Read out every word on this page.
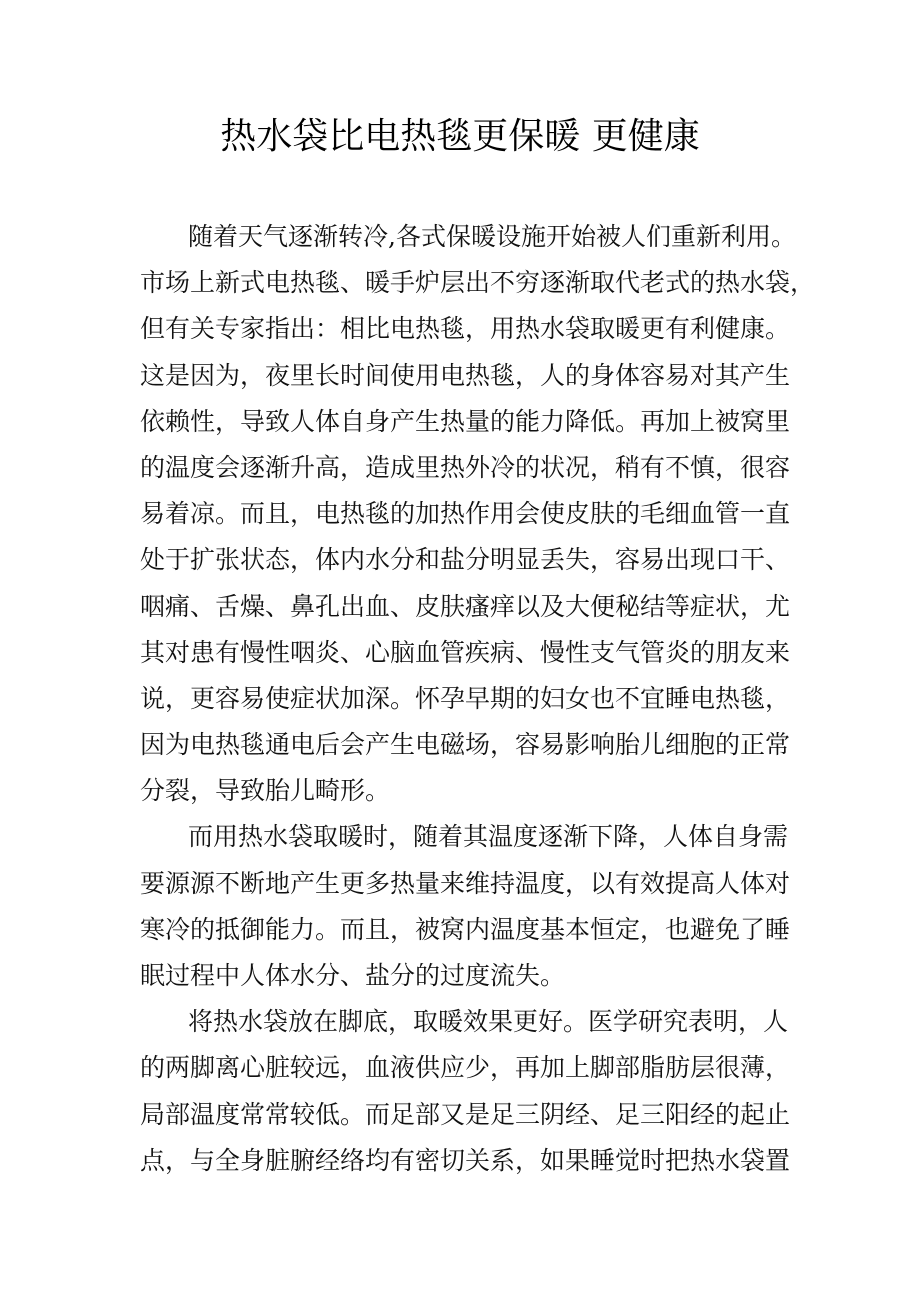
热水袋比电热毯更保暖 更健康
随着天气逐渐转冷,各式保暖设施开始被人们重新利用。
市场上新式电热毯、暖手炉层出不穷逐渐取代老式的热水袋，
但有关专家指出：相比电热毯，用热水袋取暖更有利健康。
这是因为，夜里长时间使用电热毯，人的身体容易对其产生
依赖性，导致人体自身产生热量的能力降低。再加上被窝里
的温度会逐渐升高，造成里热外冷的状况，稍有不慎，很容
易着凉。而且，电热毯的加热作用会使皮肤的毛细血管一直
处于扩张状态，体内水分和盐分明显丢失，容易出现口干、
咽痛、舌燥、鼻孔出血、皮肤瘙痒以及大便秘结等症状，尤
其对患有慢性咽炎、心脑血管疾病、慢性支气管炎的朋友来
说，更容易使症状加深。怀孕早期的妇女也不宜睡电热毯，
因为电热毯通电后会产生电磁场，容易影响胎儿细胞的正常
分裂，导致胎儿畸形。
而用热水袋取暖时，随着其温度逐渐下降，人体自身需
要源源不断地产生更多热量来维持温度，以有效提高人体对
寒冷的抵御能力。而且，被窝内温度基本恒定，也避免了睡
眠过程中人体水分、盐分的过度流失。
将热水袋放在脚底，取暖效果更好。医学研究表明，人
的两脚离心脏较远，血液供应少，再加上脚部脂肪层很薄，
局部温度常常较低。而足部又是足三阴经、足三阳经的起止
点，与全身脏腑经络均有密切关系，如果睡觉时把热水袋置
